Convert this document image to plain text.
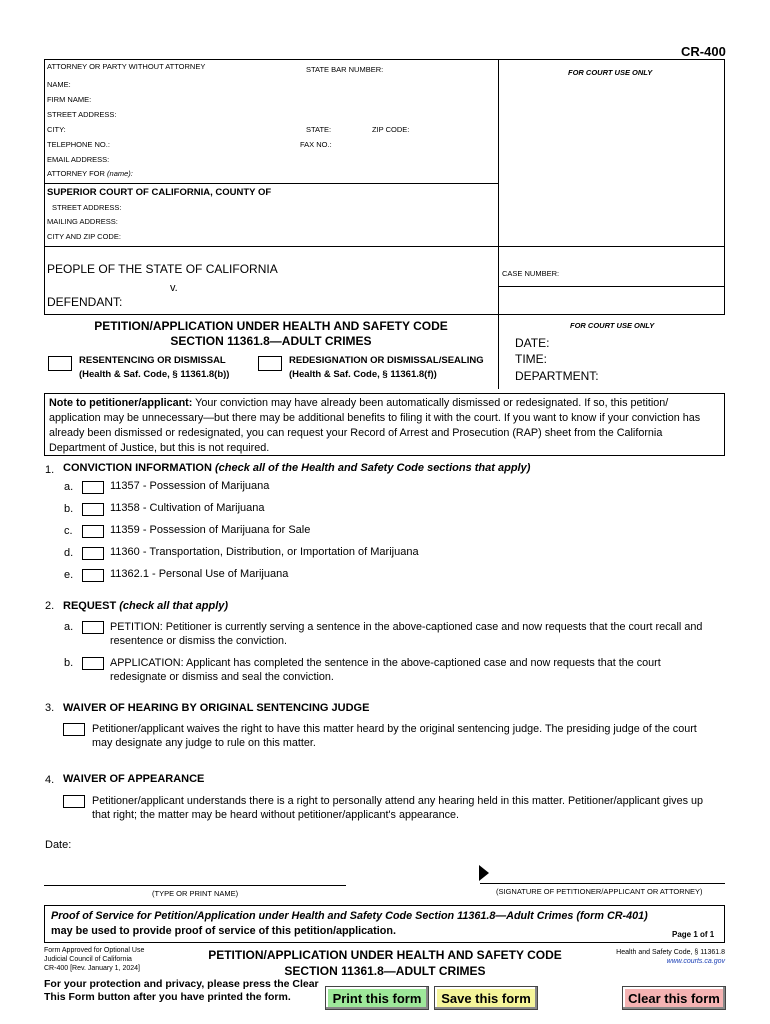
CR-400
ATTORNEY OR PARTY WITHOUT ATTORNEY	STATE BAR NUMBER:	FOR COURT USE ONLY
NAME:
FIRM NAME:
STREET ADDRESS:
CITY:	STATE:	ZIP CODE:
TELEPHONE NO.:	FAX NO.:
EMAIL ADDRESS:
ATTORNEY FOR (name):
SUPERIOR COURT OF CALIFORNIA, COUNTY OF
STREET ADDRESS:
MAILING ADDRESS:
CITY AND ZIP CODE:
PEOPLE OF THE STATE OF CALIFORNIA
v.
DEFENDANT:
CASE NUMBER:
PETITION/APPLICATION UNDER HEALTH AND SAFETY CODE
SECTION 11361.8—ADULT CRIMES
RESENTENCING OR DISMISSAL
(Health & Saf. Code, § 11361.8(b))
REDESIGNATION OR DISMISSAL/SEALING
(Health & Saf. Code, § 11361.8(f))
FOR COURT USE ONLY
DATE:
TIME:
DEPARTMENT:
Note to petitioner/applicant: Your conviction may have already been automatically dismissed or redesignated. If so, this petition/ application may be unnecessary—but there may be additional benefits to filing it with the court. If you want to know if your conviction has already been dismissed or redesignated, you can request your Record of Arrest and Prosecution (RAP) sheet from the California Department of Justice, but this is not required.
1. CONVICTION INFORMATION (check all of the Health and Safety Code sections that apply)
a.	11357 - Possession of Marijuana
b.	11358 - Cultivation of Marijuana
c.	11359 - Possession of Marijuana for Sale
d.	11360 - Transportation, Distribution, or Importation of Marijuana
e.	11362.1 - Personal Use of Marijuana
2. REQUEST (check all that apply)
a.	PETITION: Petitioner is currently serving a sentence in the above-captioned case and now requests that the court recall and resentence or dismiss the conviction.
b.	APPLICATION: Applicant has completed the sentence in the above-captioned case and now requests that the court redesignate or dismiss and seal the conviction.
3. WAIVER OF HEARING BY ORIGINAL SENTENCING JUDGE
Petitioner/applicant waives the right to have this matter heard by the original sentencing judge. The presiding judge of the court may designate any judge to rule on this matter.
4. WAIVER OF APPEARANCE
Petitioner/applicant understands there is a right to personally attend any hearing held in this matter. Petitioner/applicant gives up that right; the matter may be heard without petitioner/applicant's appearance.
Date:
(TYPE OR PRINT NAME)	(SIGNATURE OF PETITIONER/APPLICANT OR ATTORNEY)
Proof of Service for Petition/Application under Health and Safety Code Section 11361.8—Adult Crimes (form CR-401)
may be used to provide proof of service of this petition/application.	Page 1 of 1
Form Approved for Optional Use
Judicial Council of California
CR-400 [Rev. January 1, 2024]
PETITION/APPLICATION UNDER HEALTH AND SAFETY CODE
SECTION 11361.8—ADULT CRIMES
Health and Safety Code, § 11361.8
www.courts.ca.gov
For your protection and privacy, please press the Clear
This Form button after you have printed the form.	Print this form	Save this form	Clear this form
